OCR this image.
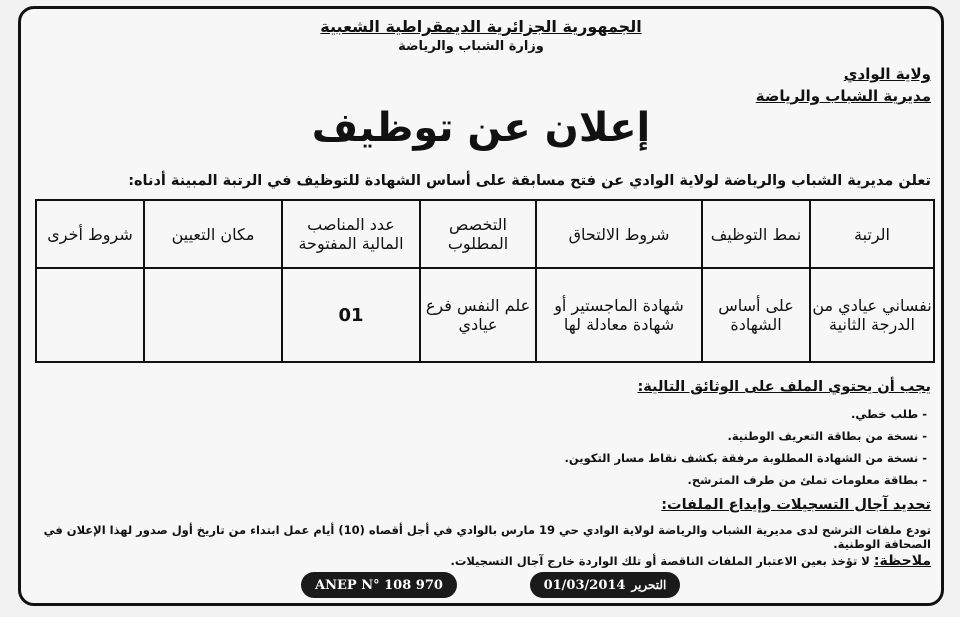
الجمهورية الجزائرية الديمقراطية الشعبية
وزارة الشباب والرياضة
ولاية الوادي
مديرية الشباب والرياضة
إعلان عن توظيف
تعلن مديرية الشباب والرياضة لولاية الوادي عن فتح مسابقة على أساس الشهادة للتوظيف في الرتبة المبينة أدناه:
الرتبة	نمط التوظيف	شروط الالتحاق	التخصص المطلوب	عدد المناصب المالية المفتوحة	مكان التعيين	شروط أخرى
نفساني عيادي من الدرجة الثانية	على أساس الشهادة	شهادة الماجستير أو شهادة معادلة لها	علم النفس فرع عيادي	01		
يجب أن يحتوي الملف على الوثائق التالية:
- طلب خطي.
- نسخة من بطاقة التعريف الوطنية.
- نسخة من الشهادة المطلوبة مرفقة بكشف نقاط مسار التكوين.
- بطاقة معلومات تملئ من طرف المترشح.
تحديد آجال التسجيلات وإيداع الملفات:
تودع ملفات الترشح لدى مديرية الشباب والرياضة لولاية الوادي حي 19 مارس بالوادي في أجل أقصاه (10) أيام عمل ابتداء من تاريخ أول صدور لهذا الإعلان في الصحافة الوطنية.
ملاحظة: لا تؤخذ بعين الاعتبار الملفات الناقصة أو تلك الواردة خارج آجال التسجيلات.
01/03/2014 التحرير
ANEP N° 108 970
